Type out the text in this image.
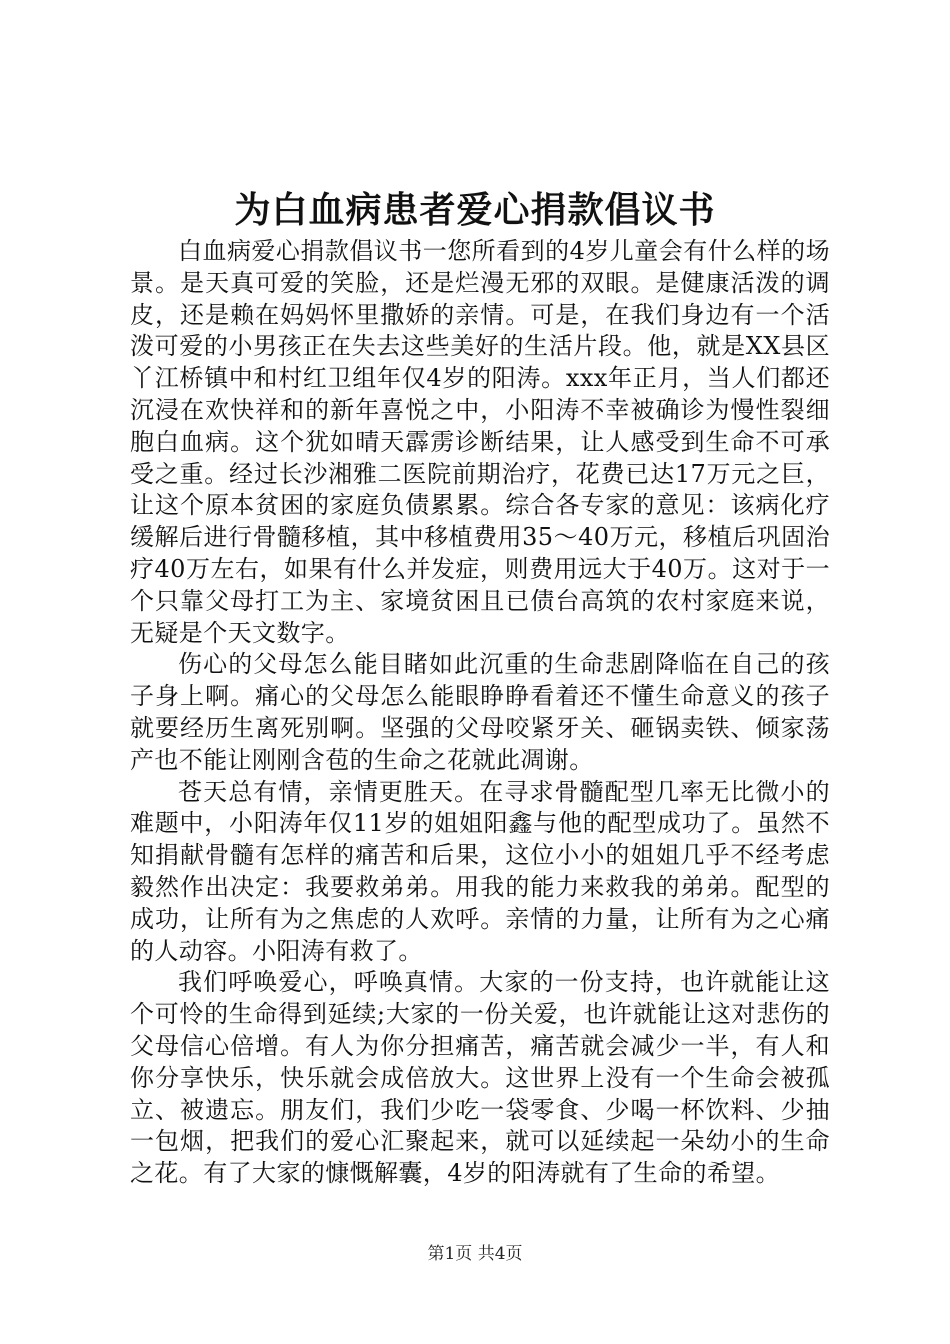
为白血病患者爱心捐款倡议书

白血病爱心捐款倡议书一您所看到的4岁儿童会有什么样的场景。是天真可爱的笑脸，还是烂漫无邪的双眼。是健康活泼的调皮，还是赖在妈妈怀里撒娇的亲情。可是，在我们身边有一个活泼可爱的小男孩正在失去这些美好的生活片段。他，就是XX县区丫江桥镇中和村红卫组年仅4岁的阳涛。xxx年正月，当人们都还沉浸在欢快祥和的新年喜悦之中，小阳涛不幸被确诊为慢性裂细胞白血病。这个犹如晴天霹雳诊断结果，让人感受到生命不可承受之重。经过长沙湘雅二医院前期治疗，花费已达17万元之巨，让这个原本贫困的家庭负债累累。综合各专家的意见：该病化疗缓解后进行骨髓移植，其中移植费用35～40万元，移植后巩固治疗40万左右，如果有什么并发症，则费用远大于40万。这对于一个只靠父母打工为主、家境贫困且已债台高筑的农村家庭来说，无疑是个天文数字。

伤心的父母怎么能目睹如此沉重的生命悲剧降临在自己的孩子身上啊。痛心的父母怎么能眼睁睁看着还不懂生命意义的孩子就要经历生离死别啊。坚强的父母咬紧牙关、砸锅卖铁、倾家荡产也不能让刚刚含苞的生命之花就此凋谢。

苍天总有情，亲情更胜天。在寻求骨髓配型几率无比微小的难题中，小阳涛年仅11岁的姐姐阳鑫与他的配型成功了。虽然不知捐献骨髓有怎样的痛苦和后果，这位小小的姐姐几乎不经考虑毅然作出决定：我要救弟弟。用我的能力来救我的弟弟。配型的成功，让所有为之焦虑的人欢呼。亲情的力量，让所有为之心痛的人动容。小阳涛有救了。

我们呼唤爱心，呼唤真情。大家的一份支持，也许就能让这个可怜的生命得到延续;大家的一份关爱，也许就能让这对悲伤的父母信心倍增。有人为你分担痛苦，痛苦就会减少一半，有人和你分享快乐，快乐就会成倍放大。这世界上没有一个生命会被孤立、被遗忘。朋友们，我们少吃一袋零食、少喝一杯饮料、少抽一包烟，把我们的爱心汇聚起来，就可以延续起一朵幼小的生命之花。有了大家的慷慨解囊，4岁的阳涛就有了生命的希望。

第1页 共4页
